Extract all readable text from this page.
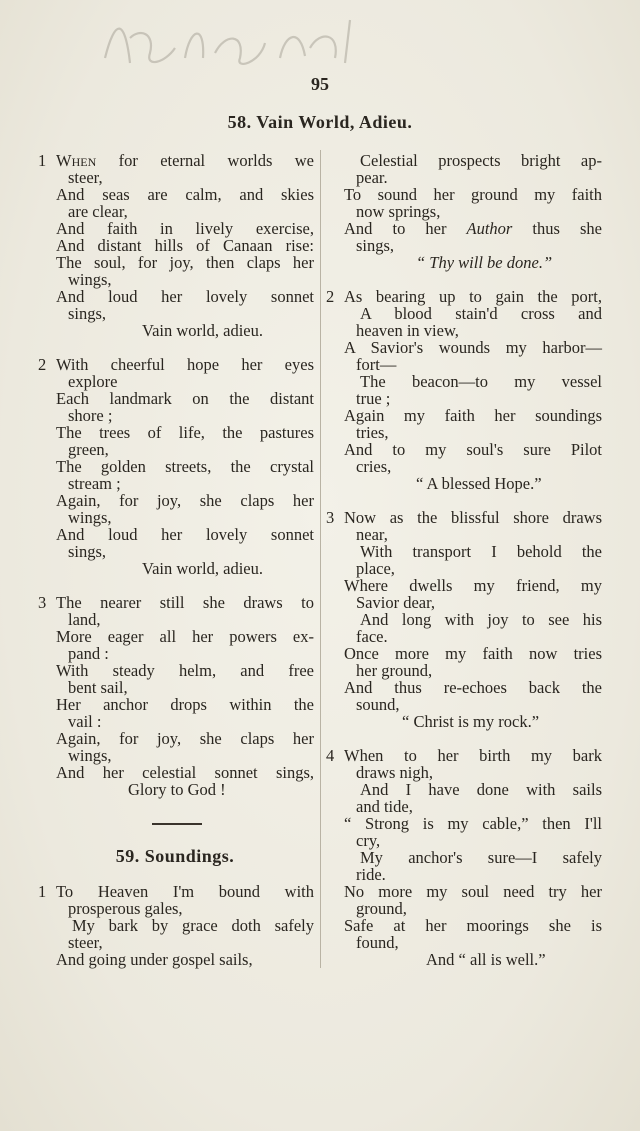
95
58. Vain World, Adieu.
1 When for eternal worlds we
steer,
And seas are calm, and skies
are clear,
And faith in lively exercise,
And distant hills of Canaan rise:
The soul, for joy, then claps her
wings,
And loud her lovely sonnet
sings,
Vain world, adieu.
2 With cheerful hope her eyes
explore
Each landmark on the distant
shore ;
The trees of life, the pastures
green,
The golden streets, the crystal
stream ;
Again, for joy, she claps her
wings,
And loud her lovely sonnet
sings,
Vain world, adieu.
3 The nearer still she draws to
land,
More eager all her powers ex-
pand :
With steady helm, and free
bent sail,
Her anchor drops within the
vail :
Again, for joy, she claps her
wings,
And her celestial sonnet sings,
Glory to God !
59. Soundings.
1 To Heaven I'm bound with
prosperous gales,
My bark by grace doth safely
steer,
And going under gospel sails,
Celestial prospects bright ap-
pear.
To sound her ground my faith
now springs,
And to her Author thus she
sings,
“ Thy will be done.”
2 As bearing up to gain the port,
A blood stain'd cross and
heaven in view,
A Savior's wounds my harbor—
fort—
The beacon—to my vessel
true ;
Again my faith her soundings
tries,
And to my soul's sure Pilot
cries,
“ A blessed Hope.”
3 Now as the blissful shore draws
near,
With transport I behold the
place,
Where dwells my friend, my
Savior dear,
And long with joy to see his
face.
Once more my faith now tries
her ground,
And thus re-echoes back the
sound,
“ Christ is my rock.”
4 When to her birth my bark
draws nigh,
And I have done with sails
and tide,
“ Strong is my cable,” then I'll
cry,
My anchor's sure—I safely
ride.
No more my soul need try her
ground,
Safe at her moorings she is
found,
And “ all is well.”
